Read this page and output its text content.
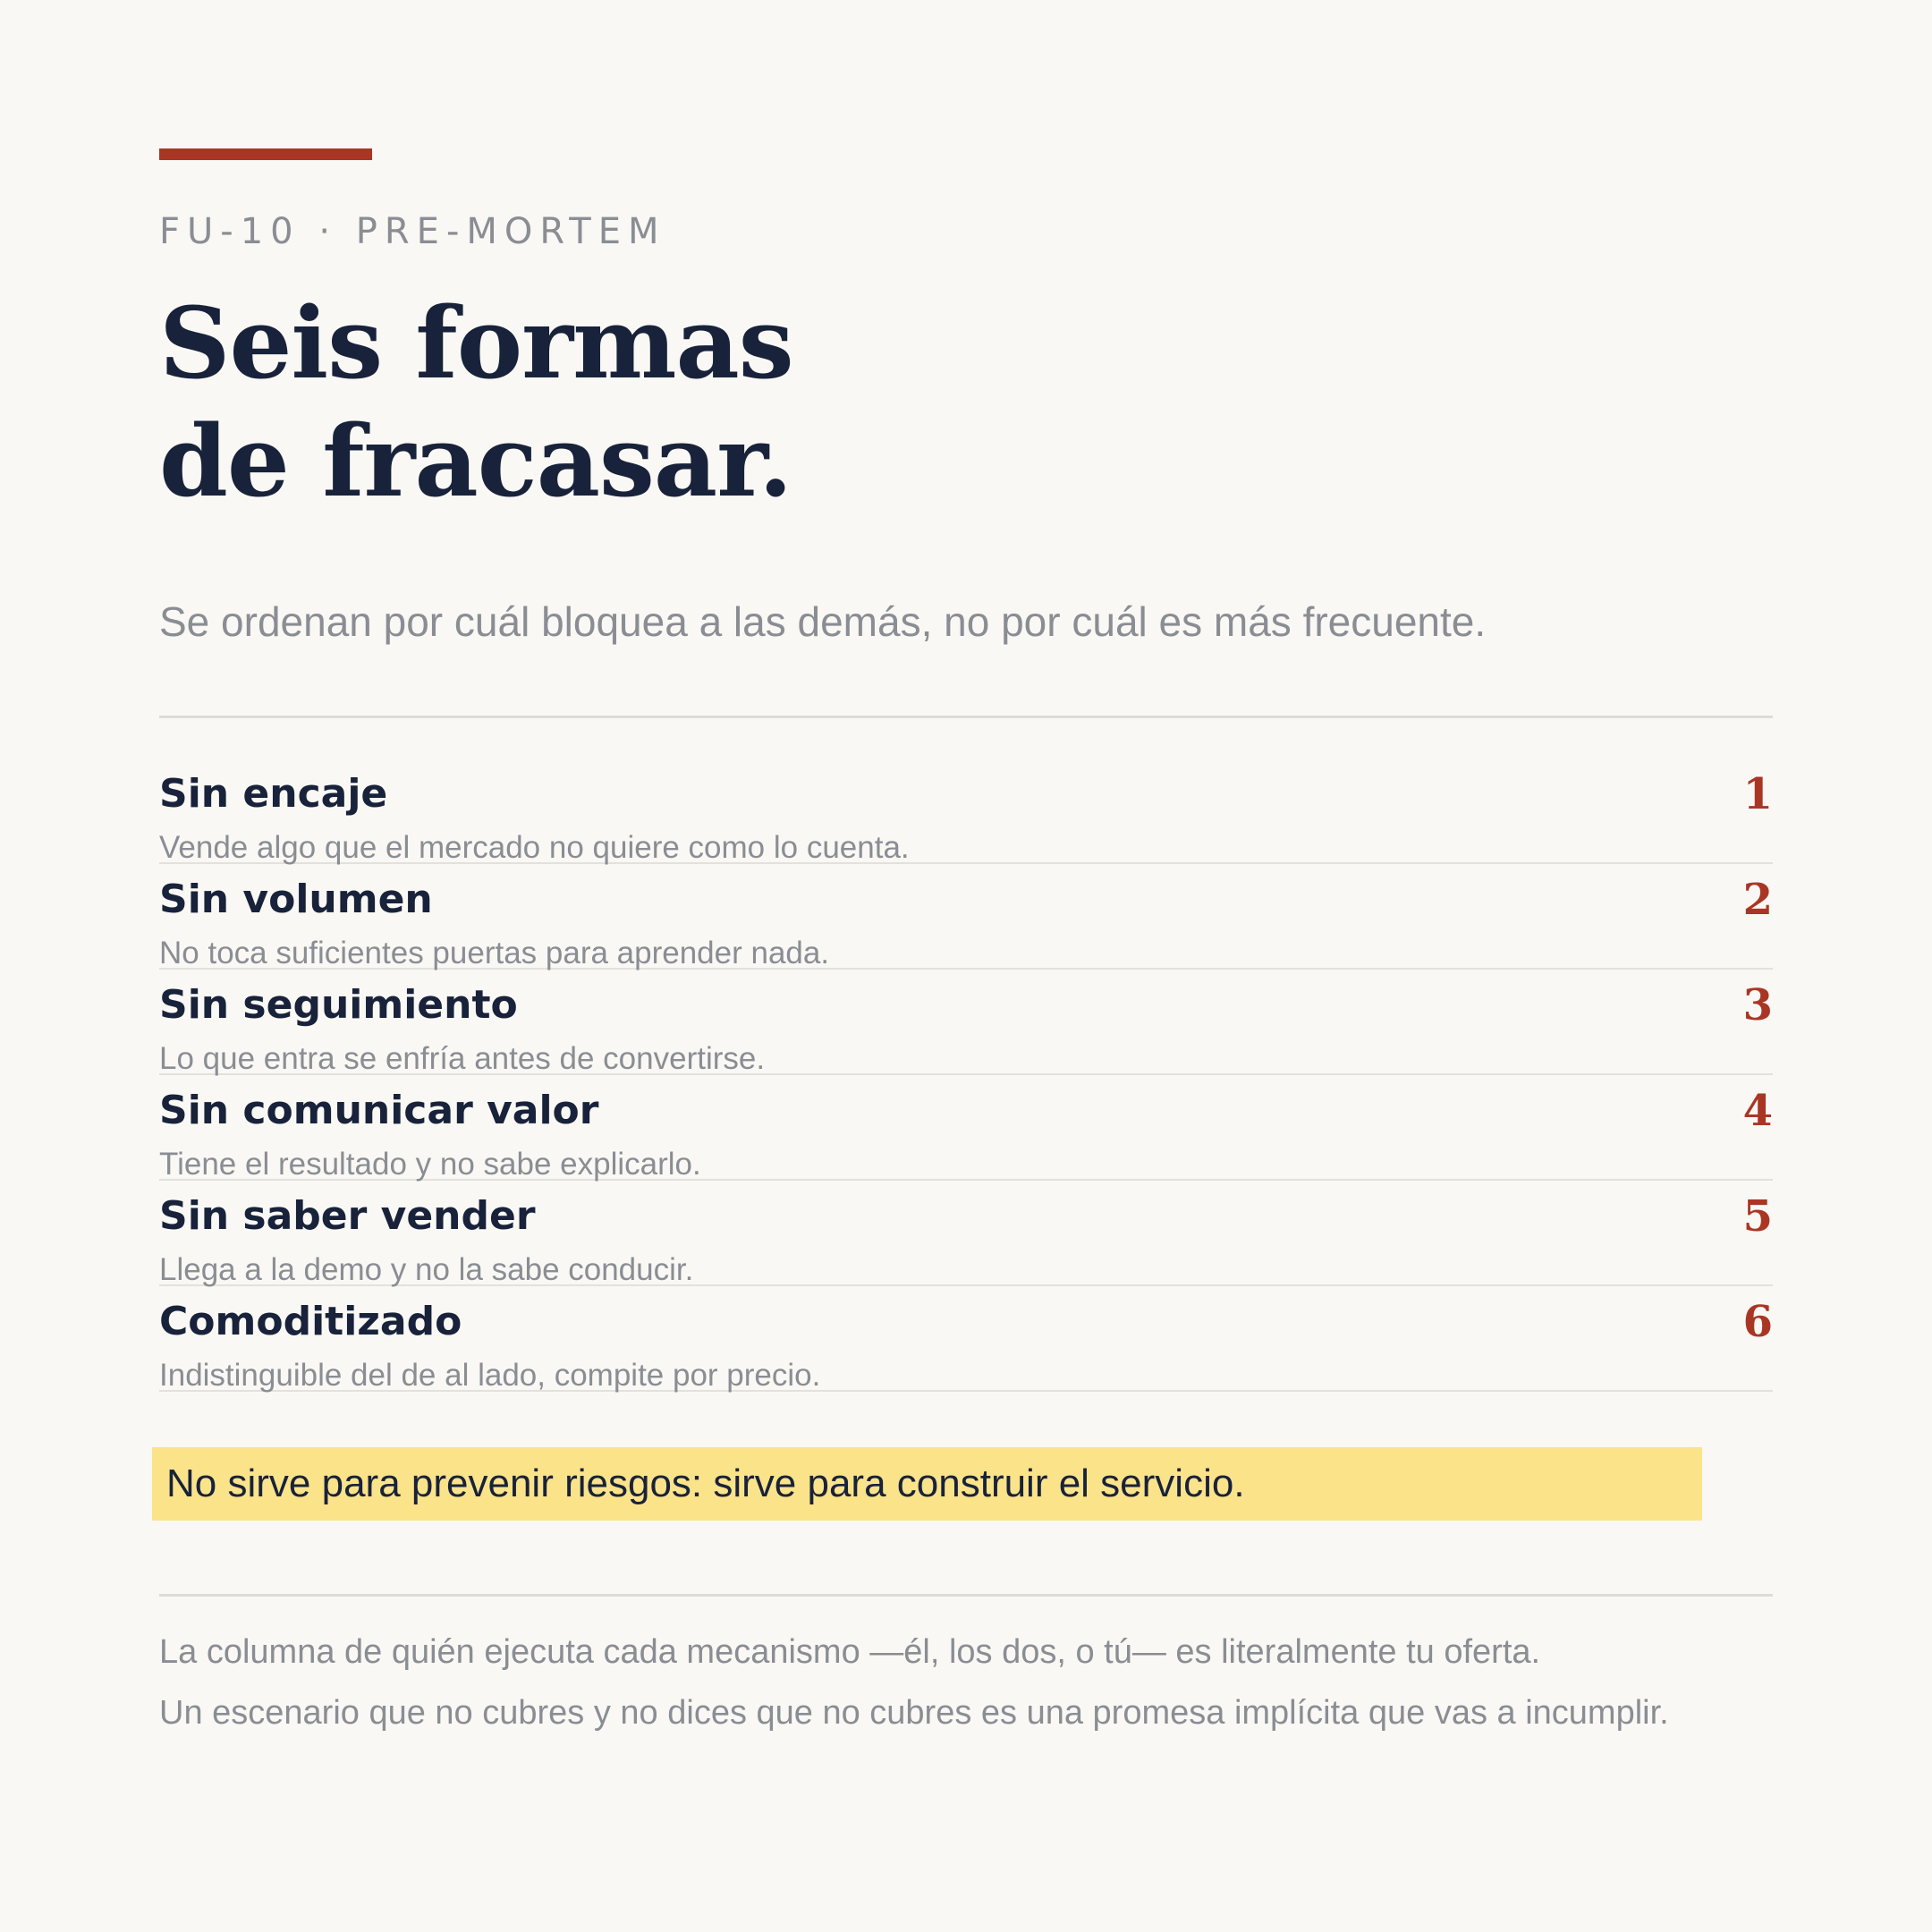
FU-10 · PRE-MORTEM
Seis formas
de fracasar.
Se ordenan por cuál bloquea a las demás, no por cuál es más frecuente.
Sin encaje
Vende algo que el mercado no quiere como lo cuenta.
1
Sin volumen
No toca suficientes puertas para aprender nada.
2
Sin seguimiento
Lo que entra se enfría antes de convertirse.
3
Sin comunicar valor
Tiene el resultado y no sabe explicarlo.
4
Sin saber vender
Llega a la demo y no la sabe conducir.
5
Comoditizado
Indistinguible del de al lado, compite por precio.
6
No sirve para prevenir riesgos: sirve para construir el servicio.
La columna de quién ejecuta cada mecanismo —él, los dos, o tú— es literalmente tu oferta.
Un escenario que no cubres y no dices que no cubres es una promesa implícita que vas a incumplir.
